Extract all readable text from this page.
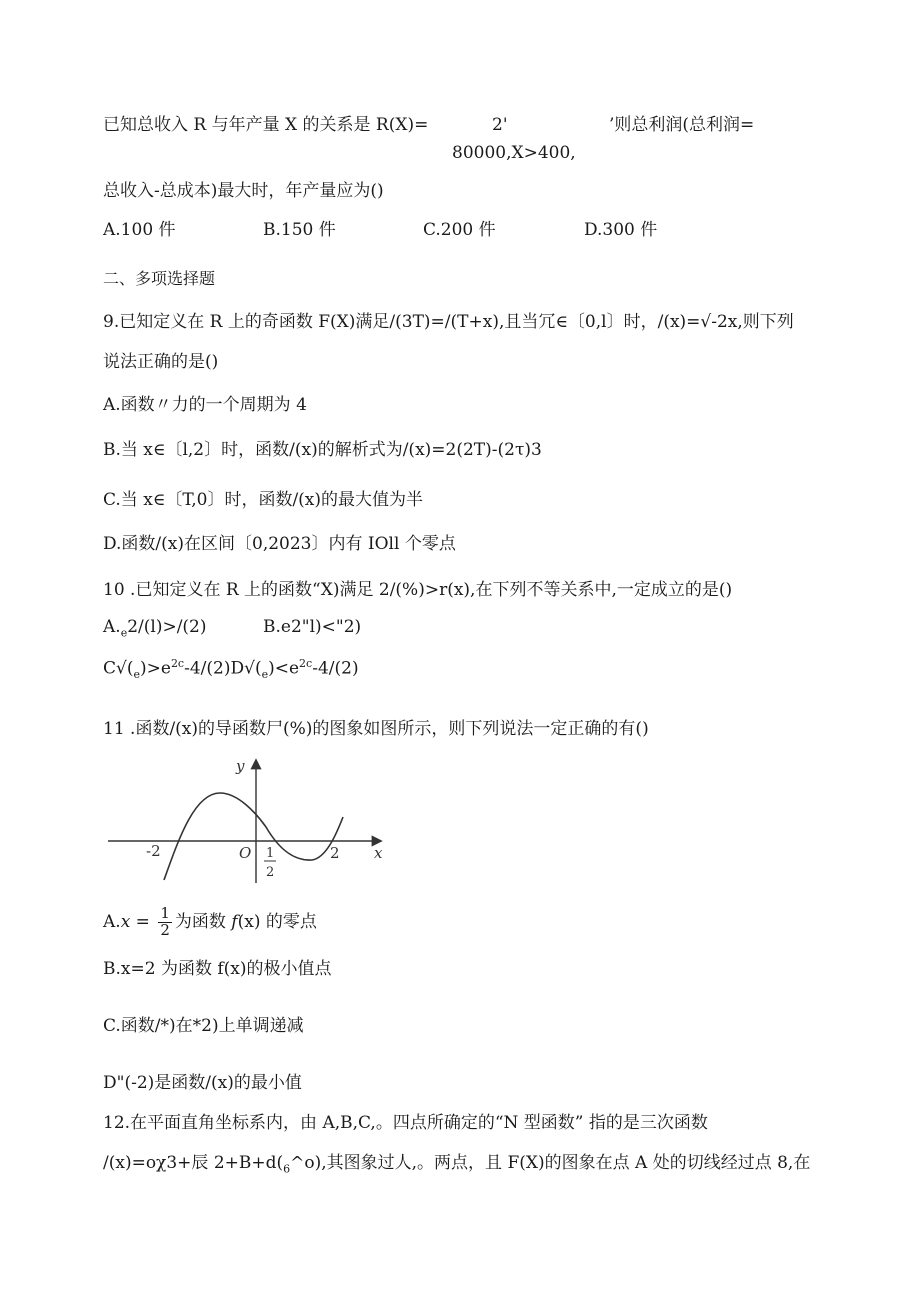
已知总收入 R 与年产量 X 的关系是 R(X)=	2'	’则总利润(总利润=
80000,X>400,
总收入-总成本)最大时，年产量应为()
A.100 件	B.150 件	C.200 件	D.300 件
二、多项选择题
9.已知定义在 R 上的奇函数 F(X)满足/(3T)=/(T+x),且当冗∈〔0,l〕时，/(x)=√-2x,则下列
说法正确的是()
A.函数〃力的一个周期为 4
B.当 x∈〔l,2〕时，函数/(x)的解析式为/(x)=2(2T)-(2τ)3
C.当 x∈〔T,0〕时，函数/(x)的最大值为半
D.函数/(x)在区间〔0,2023〕内有 IOll 个零点
10 .已知定义在 R 上的函数“X)满足 2/(%)>r(x),在下列不等关系中,一定成立的是()
$A._e2/(l)>/(2)$	B.e2"l)<"2)
$C√(_e)>e^{2c}-4/(2)D√(_e)<e^{2c}-4/(2)$
11 .函数/(x)的导函数尸(%)的图象如图所示，则下列说法一定正确的有()
y
x
O
-2	2
1
2
$A.x = \frac{1}{2}$ 为函数 f(x) 的零点
B.x=2 为函数 f(x)的极小值点
C.函数/*)在*2)上单调递减
D"(-2)是函数/(x)的最小值
12.在平面直角坐标系内，由 A,B,C,。四点所确定的“N 型函数” 指的是三次函数
/(x)=oχ3+辰 $2+B+d(_6\^{}o)$,其图象过人,。两点，且 F(X)的图象在点 A 处的切线经过点 8,在
